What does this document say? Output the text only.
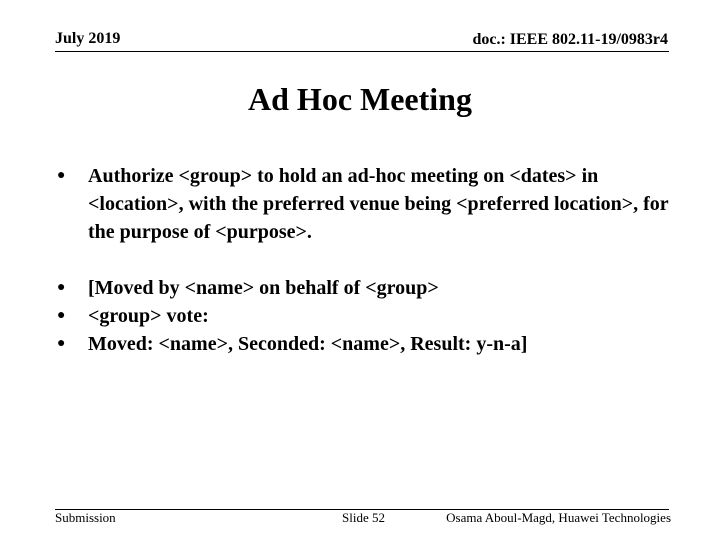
July 2019	doc.: IEEE 802.11-19/0983r4
Ad Hoc Meeting
● Authorize <group> to hold an ad-hoc meeting on <dates> in <location>, with the preferred venue being <preferred location>, for the purpose of <purpose>.
● [Moved by <name> on behalf of <group>
● <group> vote:
● Moved: <name>, Seconded: <name>, Result: y-n-a]
Submission	Slide 52	Osama Aboul-Magd, Huawei Technologies
